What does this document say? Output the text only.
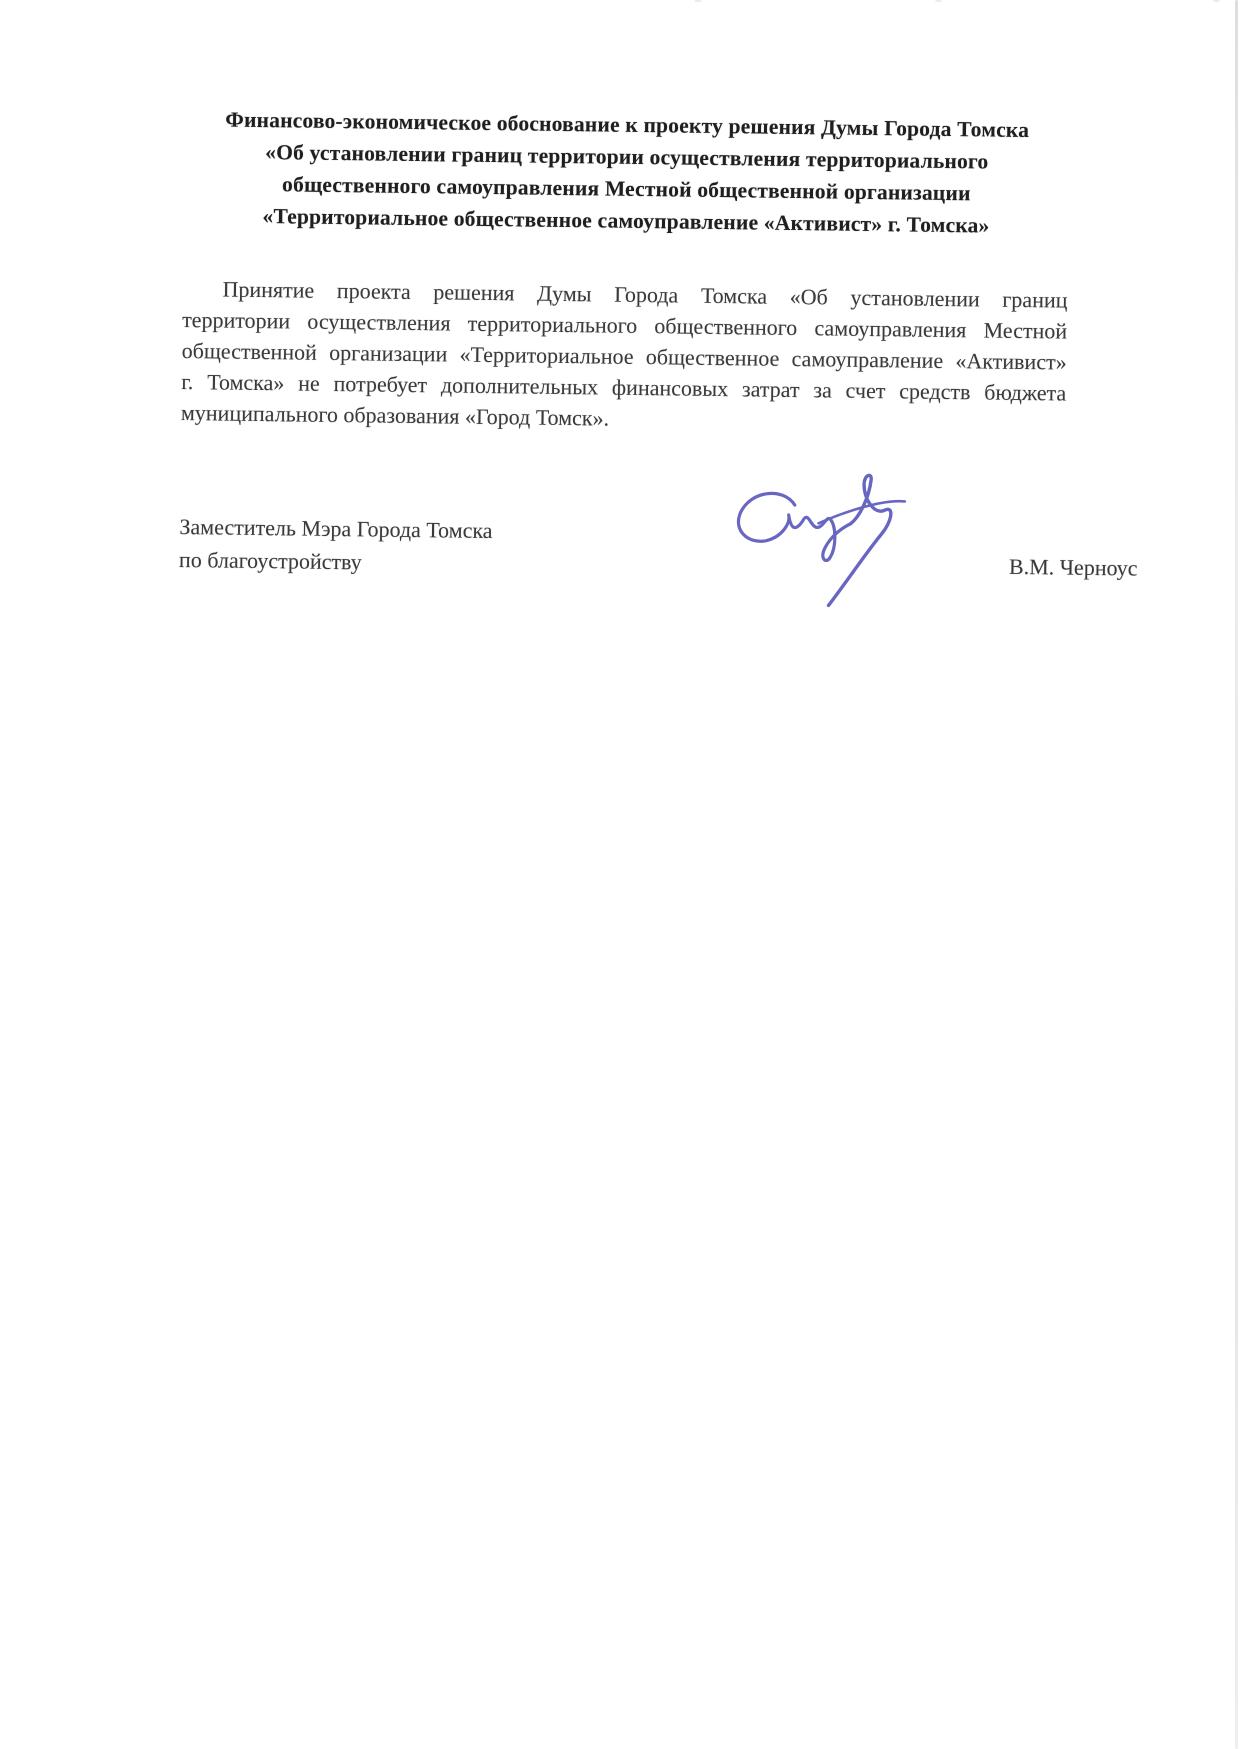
Финансово-экономическое обоснование к проекту решения Думы Города Томска
«Об установлении границ территории осуществления территориального
общественного самоуправления Местной общественной организации
«Территориальное общественное самоуправление «Активист» г. Томска»
Принятие проекта решения Думы Города Томска «Об установлении границ
территории осуществления территориального общественного самоуправления Местной
общественной организации «Территориальное общественное самоуправление «Активист»
г. Томска» не потребует дополнительных финансовых затрат за счет средств бюджета
муниципального образования «Город Томск».
Заместитель Мэра Города Томска
по благоустройству	В.М. Черноус
